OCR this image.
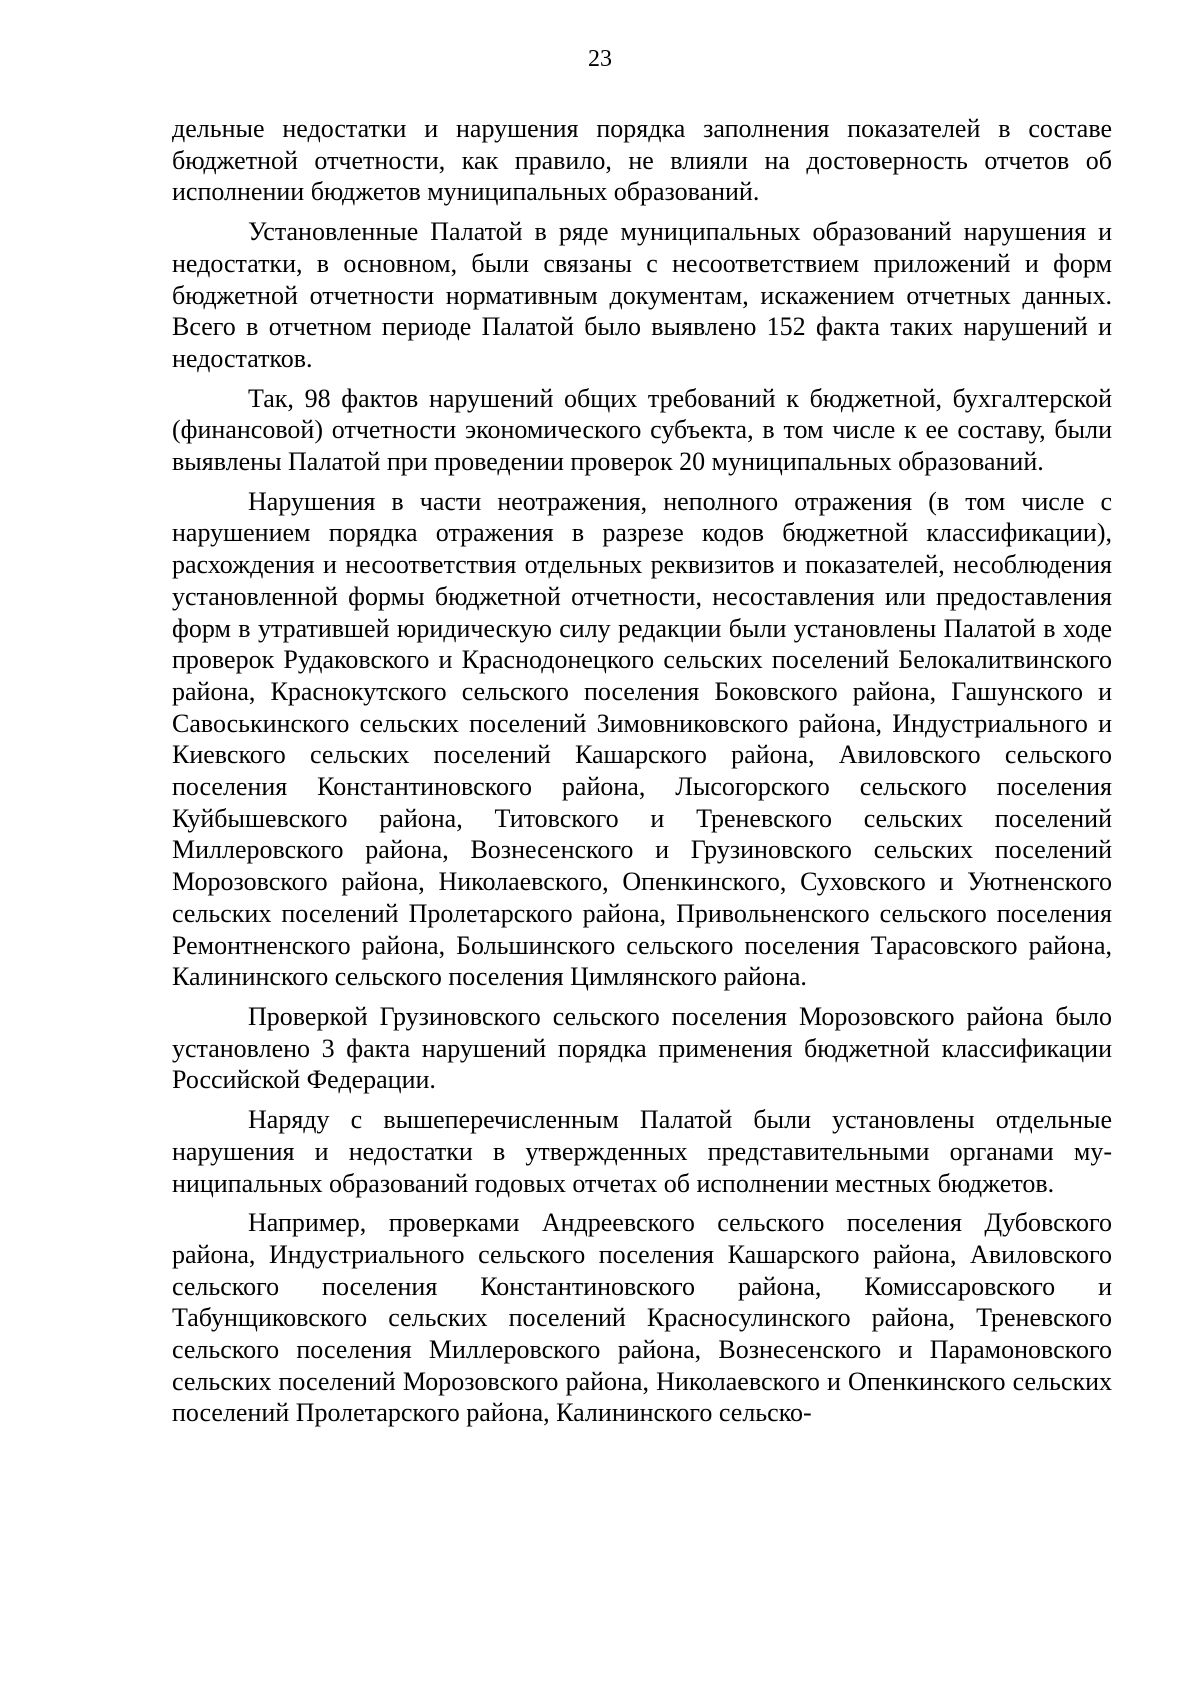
23

дельные недостатки и нарушения порядка заполнения показателей в составе бюджетной отчетности, как правило, не влияли на достоверность отчетов об исполнении бюджетов муниципальных образований.

Установленные Палатой в ряде муниципальных образований нарушения и недостатки, в основном, были связаны с несоответствием приложений и форм бюджетной отчетности нормативным документам, искажением отчетных данных. Всего в отчетном периоде Палатой было выявлено 152 факта таких нарушений и недостатков.

Так, 98 фактов нарушений общих требований к бюджетной, бухгалтерской (финансовой) отчетности экономического субъекта, в том числе к ее составу, были выявлены Палатой при проведении проверок 20 муниципальных образований.

Нарушения в части неотражения, неполного отражения (в том числе с нарушением порядка отражения в разрезе кодов бюджетной классификации), расхождения и несоответствия отдельных реквизитов и показателей, несоблюдения установленной формы бюджетной отчетности, несоставления или предоставления форм в утратившей юридическую силу редакции были установлены Палатой в ходе проверок Рудаковского и Краснодонецкого сельских поселений Белокалитвинского района, Краснокутского сельского поселения Боковского района, Гашунского и Савоськинского сельских поселений Зимовниковского района, Индустриального и Киевского сельских поселений Кашарского района, Авиловского сельского поселения Константиновского района, Лысогорского сельского поселения Куйбышевского района, Титовского и Треневского сельских поселений Миллеровского района, Вознесенского и Грузиновского сельских поселений Морозовского района, Николаевского, Опенкинского, Суховского и Уютненского сельских поселений Пролетарского района, Привольненского сельского поселения Ремонтненского района, Большинского сельского поселения Тарасовского района, Калининского сельского поселения Цимлянского района.

Проверкой Грузиновского сельского поселения Морозовского района было установлено 3 факта нарушений порядка применения бюджетной классификации Российской Федерации.

Наряду с вышеперечисленным Палатой были установлены отдельные нарушения и недостатки в утвержденных представительными органами муниципальных образований годовых отчетах об исполнении местных бюджетов.

Например, проверками Андреевского сельского поселения Дубовского района, Индустриального сельского поселения Кашарского района, Авиловского сельского поселения Константиновского района, Комиссаровского и Табунщиковского сельских поселений Красносулинского района, Треневского сельского поселения Миллеровского района, Вознесенского и Парамоновского сельских поселений Морозовского района, Николаевского и Опенкинского сельских поселений Пролетарского района, Калининского сельско-
